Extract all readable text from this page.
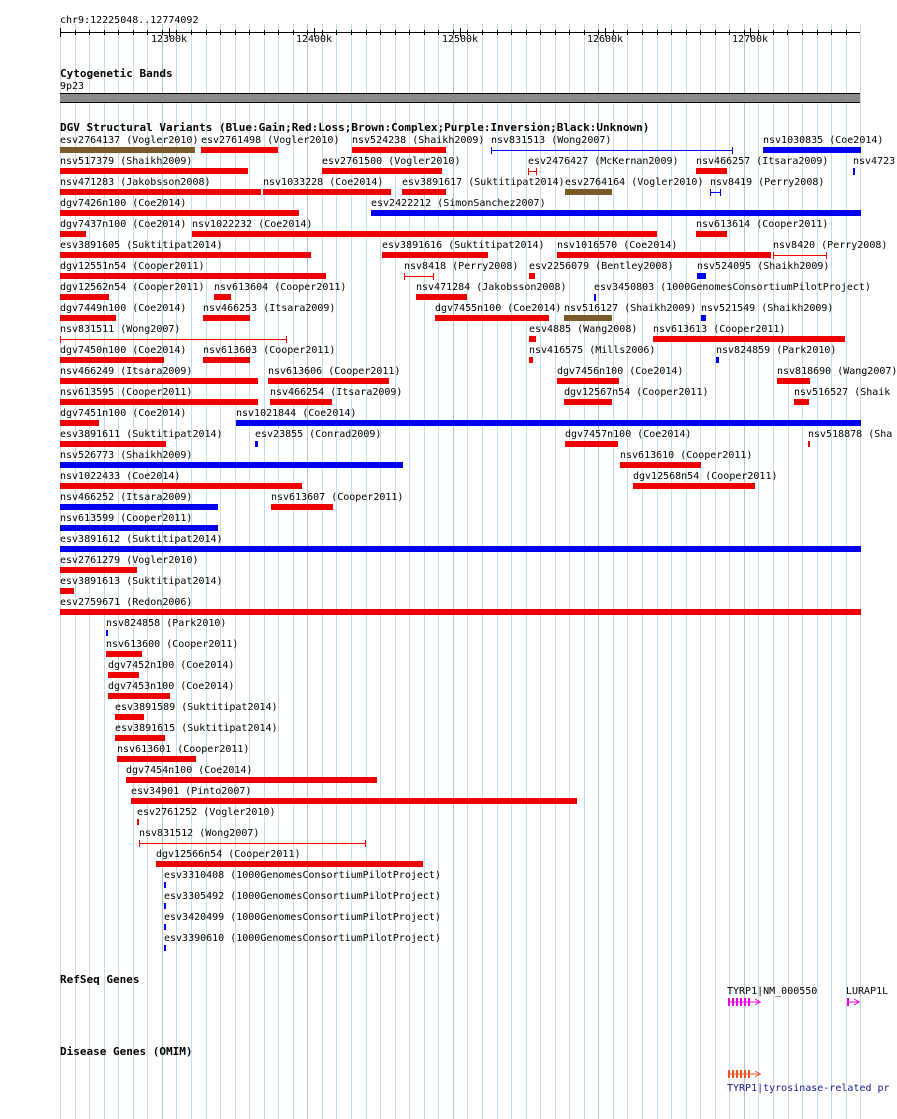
chr9:12225048..12774092
12300k	12400k	12500k	12600k	12700k
Cytogenetic Bands
9p23
DGV Structural Variants (Blue:Gain;Red:Loss;Brown:Complex;Purple:Inversion;Black:Unknown)
esv2764137 (Vogler2010) esv2761498 (Vogler2010) nsv524238 (Shaikh2009) nsv831513 (Wong2007)	nsv1030835 (Coe2014)
nsv517379 (Shaikh2009)	esv2761500 (Vogler2010)	esv2476427 (McKernan2009) nsv466257 (Itsara2009) nsv4723
nsv471283 (Jakobsson2008)	nsv1033228 (Coe2014) esv3891617 (Suktitipat2014) esv2764164 (Vogler2010) nsv8419 (Perry2008)
dgv7426n100 (Coe2014)	esv2422212 (SimonSanchez2007)
dgv7437n100 (Coe2014) nsv1022232 (Coe2014)	nsv613614 (Cooper2011)
esv3891605 (Suktitipat2014)	esv3891616 (Suktitipat2014) nsv1016570 (Coe2014)	nsv8420 (Perry2008)
dgv12551n54 (Cooper2011)	nsv8418 (Perry2008) esv2256079 (Bentley2008) nsv524095 (Shaikh2009)
dgv12562n54 (Cooper2011) nsv613604 (Cooper2011)	nsv471284 (Jakobsson2008)	esv3450803 (1000GenomesConsortiumPilotProject)
dgv7449n100 (Coe2014) nsv466253 (Itsara2009)	dgv7455n100 (Coe2014) nsv516127 (Shaikh2009) nsv521549 (Shaikh2009)
nsv831511 (Wong2007)	esv4885 (Wang2008) nsv613613 (Cooper2011)
dgv7450n100 (Coe2014) nsv613603 (Cooper2011)	nsv416575 (Mills2006)	nsv824859 (Park2010)
nsv466249 (Itsara2009)	nsv613606 (Cooper2011)	dgv7456n100 (Coe2014)	nsv818690 (Wang2007)
nsv613595 (Cooper2011)	nsv466254 (Itsara2009)	dgv12567n54 (Cooper2011)	nsv516527 (Shaik
dgv7451n100 (Coe2014)	nsv1021844 (Coe2014)
esv3891611 (Suktitipat2014)	esv23855 (Conrad2009)	dgv7457n100 (Coe2014)	nsv518878 (Sha
nsv526773 (Shaikh2009)	nsv613610 (Cooper2011)
nsv1022433 (Coe2014)	dgv12568n54 (Cooper2011)
nsv466252 (Itsara2009)	nsv613607 (Cooper2011)
nsv613599 (Cooper2011)
esv3891612 (Suktitipat2014)
esv2761279 (Vogler2010)
esv3891613 (Suktitipat2014)
esv2759671 (Redon2006)
nsv824858 (Park2010)
nsv613600 (Cooper2011)
dgv7452n100 (Coe2014)
dgv7453n100 (Coe2014)
esv3891589 (Suktitipat2014)
esv3891615 (Suktitipat2014)
nsv613601 (Cooper2011)
dgv7454n100 (Coe2014)
esv34901 (Pinto2007)
esv2761252 (Vogler2010)
nsv831512 (Wong2007)
dgv12566n54 (Cooper2011)
esv3310408 (1000GenomesConsortiumPilotProject)
esv3305492 (1000GenomesConsortiumPilotProject)
esv3420499 (1000GenomesConsortiumPilotProject)
esv3390610 (1000GenomesConsortiumPilotProject)
RefSeq Genes
TYRP1|NM_000550	LURAP1L
Disease Genes (OMIM)
TYRP1|tyrosinase-related pr
